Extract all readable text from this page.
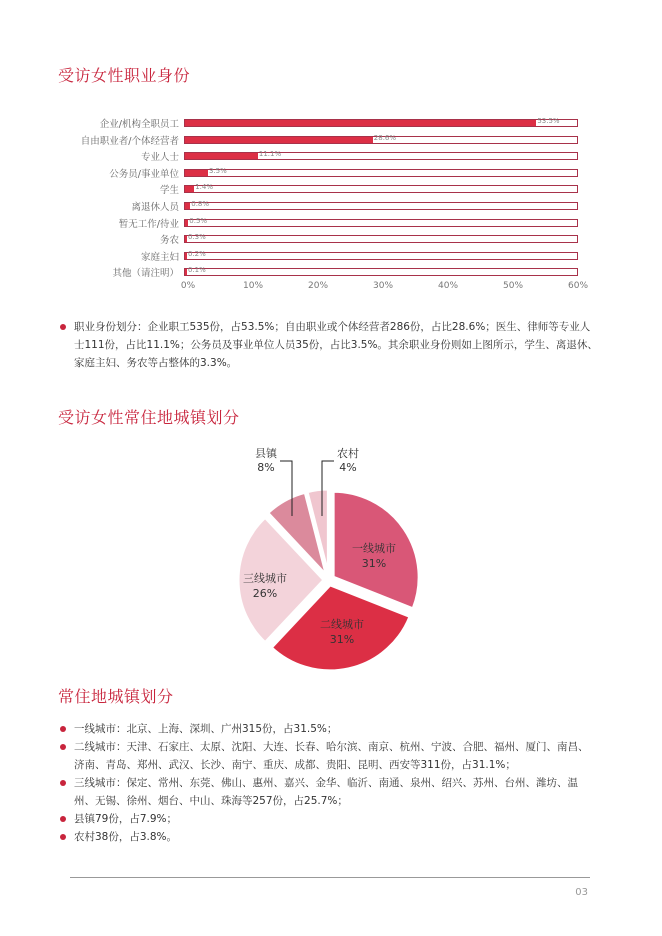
受访女性职业身份
企业/机构全职员工	53.5%
自由职业者/个体经营者	28.6%
专业人士	11.1%
公务员/事业单位	3.5%
学生 1.4%
离退休人员 0.8%
暂无工作/待业 0.5%
务农 0.3%
家庭主妇 0.2%
其他（请注明） 0.1%
0%	10%	20%	30%	40%	50%	60%
职业身份划分：企业职工535份，占53.5%；自由职业或个体经营者286份，占比28.6%；医生、律师等专业人士111份，占比11.1%；公务员及事业单位人员35份，占比3.5%。其余职业身份则如上图所示，学生、离退休、家庭主妇、务农等占整体的3.3%。
受访女性常住地城镇划分
一线城市
31%
二线城市
31%
三线城市
26%
县镇
8%
农村
4%
常住地城镇划分
一线城市：北京、上海、深圳、广州315份，占31.5%；
二线城市：天津、石家庄、太原、沈阳、大连、长春、哈尔滨、南京、杭州、宁波、合肥、福州、厦门、南昌、济南、青岛、郑州、武汉、长沙、南宁、重庆、成都、贵阳、昆明、西安等311份，占31.1%；
三线城市：保定、常州、东莞、佛山、惠州、嘉兴、金华、临沂、南通、泉州、绍兴、苏州、台州、潍坊、温州、无锡、徐州、烟台、中山、珠海等257份，占25.7%；
县镇79份，占7.9%；
农村38份，占3.8%。
03
